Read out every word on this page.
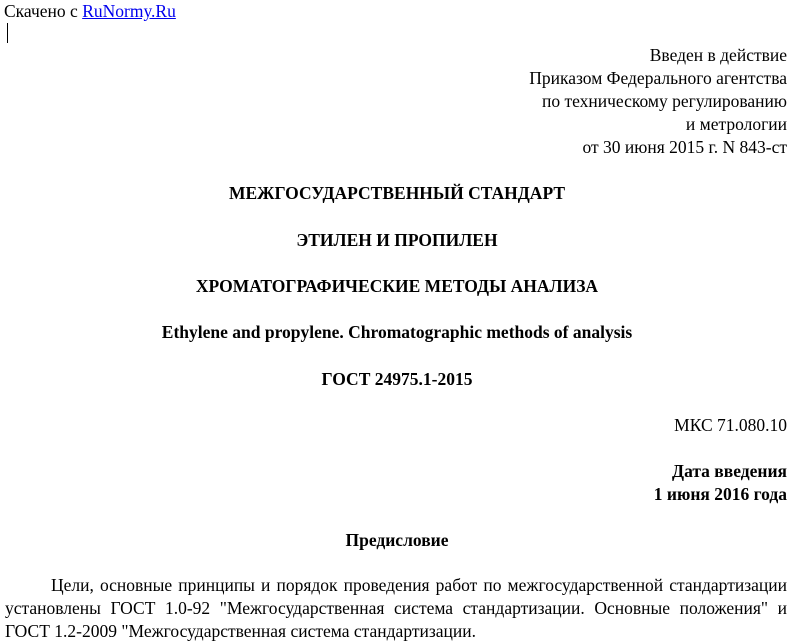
Скачено с RuNormy.Ru
Введен в действие
Приказом Федерального агентства
по техническому регулированию
и метрологии
от 30 июня 2015 г. N 843-ст
МЕЖГОСУДАРСТВЕННЫЙ СТАНДАРТ
ЭТИЛЕН И ПРОПИЛЕН
ХРОМАТОГРАФИЧЕСКИЕ МЕТОДЫ АНАЛИЗА
Ethylene and propylene. Chromatographic methods of analysis
ГОСТ 24975.1-2015
МКС 71.080.10
Дата введения
1 июня 2016 года
Предисловие
Цели, основные принципы и порядок проведения работ по межгосударственной стандартизации установлены ГОСТ 1.0-92 "Межгосударственная система стандартизации. Основные положения" и ГОСТ 1.2-2009 "Межгосударственная система стандартизации.
